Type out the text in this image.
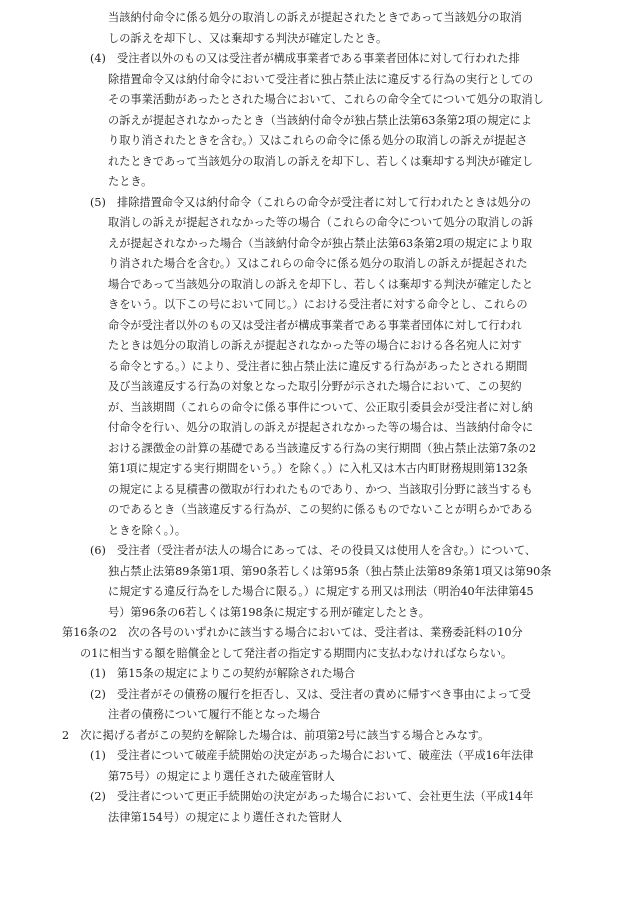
当該納付命令に係る処分の取消しの訴えが提起されたときであって当該処分の取消
しの訴えを却下し、又は棄却する判決が確定したとき。
(4)　受注者以外のもの又は受注者が構成事業者である事業者団体に対して行われた排
除措置命令又は納付命令において受注者に独占禁止法に違反する行為の実行としての
その事業活動があったとされた場合において、これらの命令全てについて処分の取消し
の訴えが提起されなかったとき（当該納付命令が独占禁止法第63条第2項の規定によ
り取り消されたときを含む。）又はこれらの命令に係る処分の取消しの訴えが提起さ
れたときであって当該処分の取消しの訴えを却下し、若しくは棄却する判決が確定し
たとき。
(5)　排除措置命令又は納付命令（これらの命令が受注者に対して行われたときは処分の
取消しの訴えが提起されなかった等の場合（これらの命令について処分の取消しの訴
えが提起されなかった場合（当該納付命令が独占禁止法第63条第2項の規定により取
り消された場合を含む。）又はこれらの命令に係る処分の取消しの訴えが提起された
場合であって当該処分の取消しの訴えを却下し、若しくは棄却する判決が確定したと
きをいう。以下この号において同じ。）における受注者に対する命令とし、これらの
命令が受注者以外のもの又は受注者が構成事業者である事業者団体に対して行われ
たときは処分の取消しの訴えが提起されなかった等の場合における各名宛人に対す
る命令とする。）により、受注者に独占禁止法に違反する行為があったとされる期間
及び当該違反する行為の対象となった取引分野が示された場合において、この契約
が、当該期間（これらの命令に係る事件について、公正取引委員会が受注者に対し納
付命令を行い、処分の取消しの訴えが提起されなかった等の場合は、当該納付命令に
おける課徴金の計算の基礎である当該違反する行為の実行期間（独占禁止法第7条の2
第1項に規定する実行期間をいう。）を除く。）に入札又は木古内町財務規則第132条
の規定による見積書の徴取が行われたものであり、かつ、当該取引分野に該当するも
のであるとき（当該違反する行為が、この契約に係るものでないことが明らかである
ときを除く。）。
(6)　受注者（受注者が法人の場合にあっては、その役員又は使用人を含む。）について、
独占禁止法第89条第1項、第90条若しくは第95条（独占禁止法第89条第1項又は第90条
に規定する違反行為をした場合に限る。）に規定する刑又は刑法（明治40年法律第45
号）第96条の6若しくは第198条に規定する刑が確定したとき。
第16条の2　次の各号のいずれかに該当する場合においては、受注者は、業務委託料の10分
の1に相当する額を賠償金として発注者の指定する期間内に支払わなければならない。
(1)　第15条の規定によりこの契約が解除された場合
(2)　受注者がその債務の履行を拒否し、又は、受注者の責めに帰すべき事由によって受
注者の債務について履行不能となった場合
2　次に掲げる者がこの契約を解除した場合は、前項第2号に該当する場合とみなす。
(1)　受注者について破産手続開始の決定があった場合において、破産法（平成16年法律
第75号）の規定により選任された破産管財人
(2)　受注者について更正手続開始の決定があった場合において、会社更生法（平成14年
法律第154号）の規定により選任された管財人
